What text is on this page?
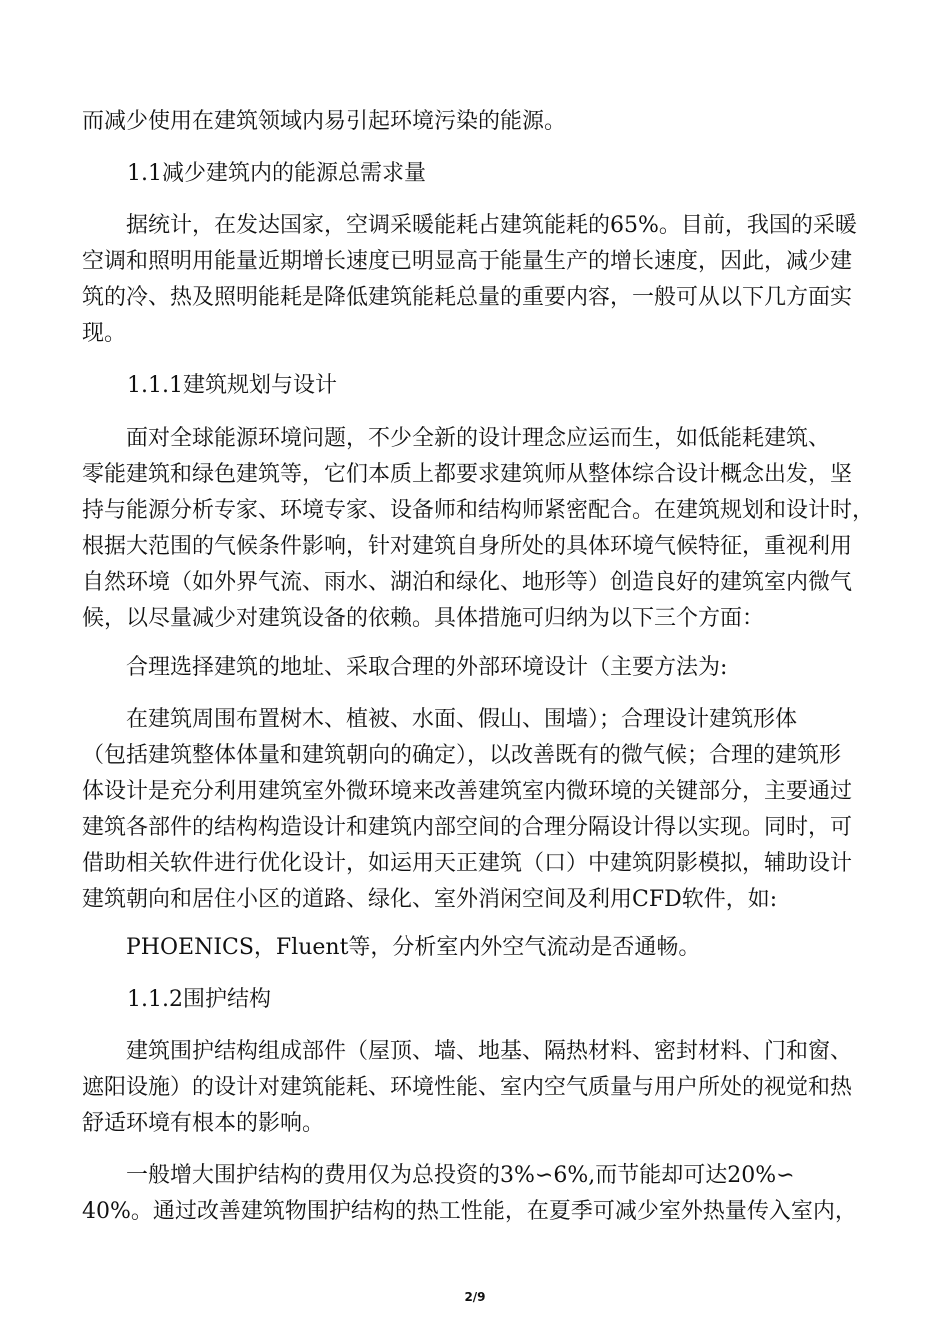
而减少使用在建筑领域内易引起环境污染的能源。

1.1减少建筑内的能源总需求量

据统计，在发达国家，空调采暖能耗占建筑能耗的65%。目前，我国的采暖
空调和照明用能量近期增长速度已明显高于能量生产的增长速度，因此，减少建
筑的冷、热及照明能耗是降低建筑能耗总量的重要内容，一般可从以下几方面实
现。

1.1.1建筑规划与设计

面对全球能源环境问题，不少全新的设计理念应运而生，如低能耗建筑、
零能建筑和绿色建筑等，它们本质上都要求建筑师从整体综合设计概念出发，坚
持与能源分析专家、环境专家、设备师和结构师紧密配合。在建筑规划和设计时，
根据大范围的气候条件影响，针对建筑自身所处的具体环境气候特征，重视利用
自然环境（如外界气流、雨水、湖泊和绿化、地形等）创造良好的建筑室内微气
候，以尽量减少对建筑设备的依赖。具体措施可归纳为以下三个方面：

合理选择建筑的地址、采取合理的外部环境设计（主要方法为:

在建筑周围布置树木、植被、水面、假山、围墙）；合理设计建筑形体
（包括建筑整体体量和建筑朝向的确定），以改善既有的微气候；合理的建筑形
体设计是充分利用建筑室外微环境来改善建筑室内微环境的关键部分，主要通过
建筑各部件的结构构造设计和建筑内部空间的合理分隔设计得以实现。同时，可
借助相关软件进行优化设计，如运用天正建筑（口）中建筑阴影模拟，辅助设计
建筑朝向和居住小区的道路、绿化、室外消闲空间及利用CFD软件，如:

PHOENICS，Fluent等，分析室内外空气流动是否通畅。

1.1.2围护结构

建筑围护结构组成部件（屋顶、墙、地基、隔热材料、密封材料、门和窗、
遮阳设施）的设计对建筑能耗、环境性能、室内空气质量与用户所处的视觉和热
舒适环境有根本的影响。

一般增大围护结构的费用仅为总投资的3%∽6%,而节能却可达20%∽
40%。通过改善建筑物围护结构的热工性能，在夏季可减少室外热量传入室内，

2/9
